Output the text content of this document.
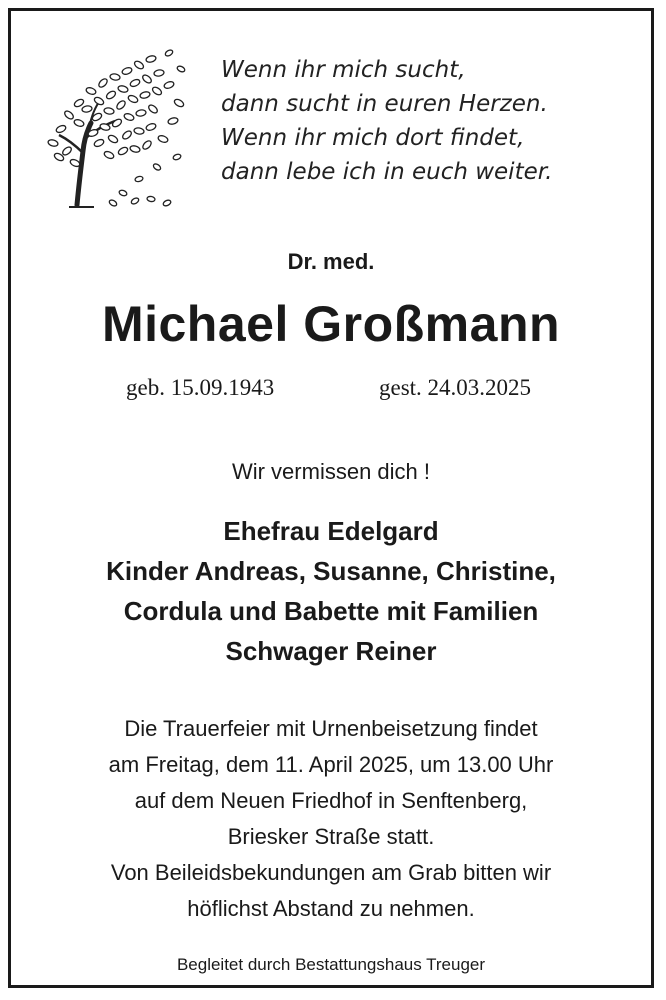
Wenn ihr mich sucht,
dann sucht in euren Herzen.
Wenn ihr mich dort findet,
dann lebe ich in euch weiter.
Dr. med.
Michael Großmann
geb. 15.09.1943	gest. 24.03.2025
Wir vermissen dich !
Ehefrau Edelgard
Kinder Andreas, Susanne, Christine,
Cordula und Babette mit Familien
Schwager Reiner
Die Trauerfeier mit Urnenbeisetzung findet
am Freitag, dem 11. April 2025, um 13.00 Uhr
auf dem Neuen Friedhof in Senftenberg,
Briesker Straße statt.
Von Beileidsbekundungen am Grab bitten wir
höflichst Abstand zu nehmen.
Begleitet durch Bestattungshaus Treuger
